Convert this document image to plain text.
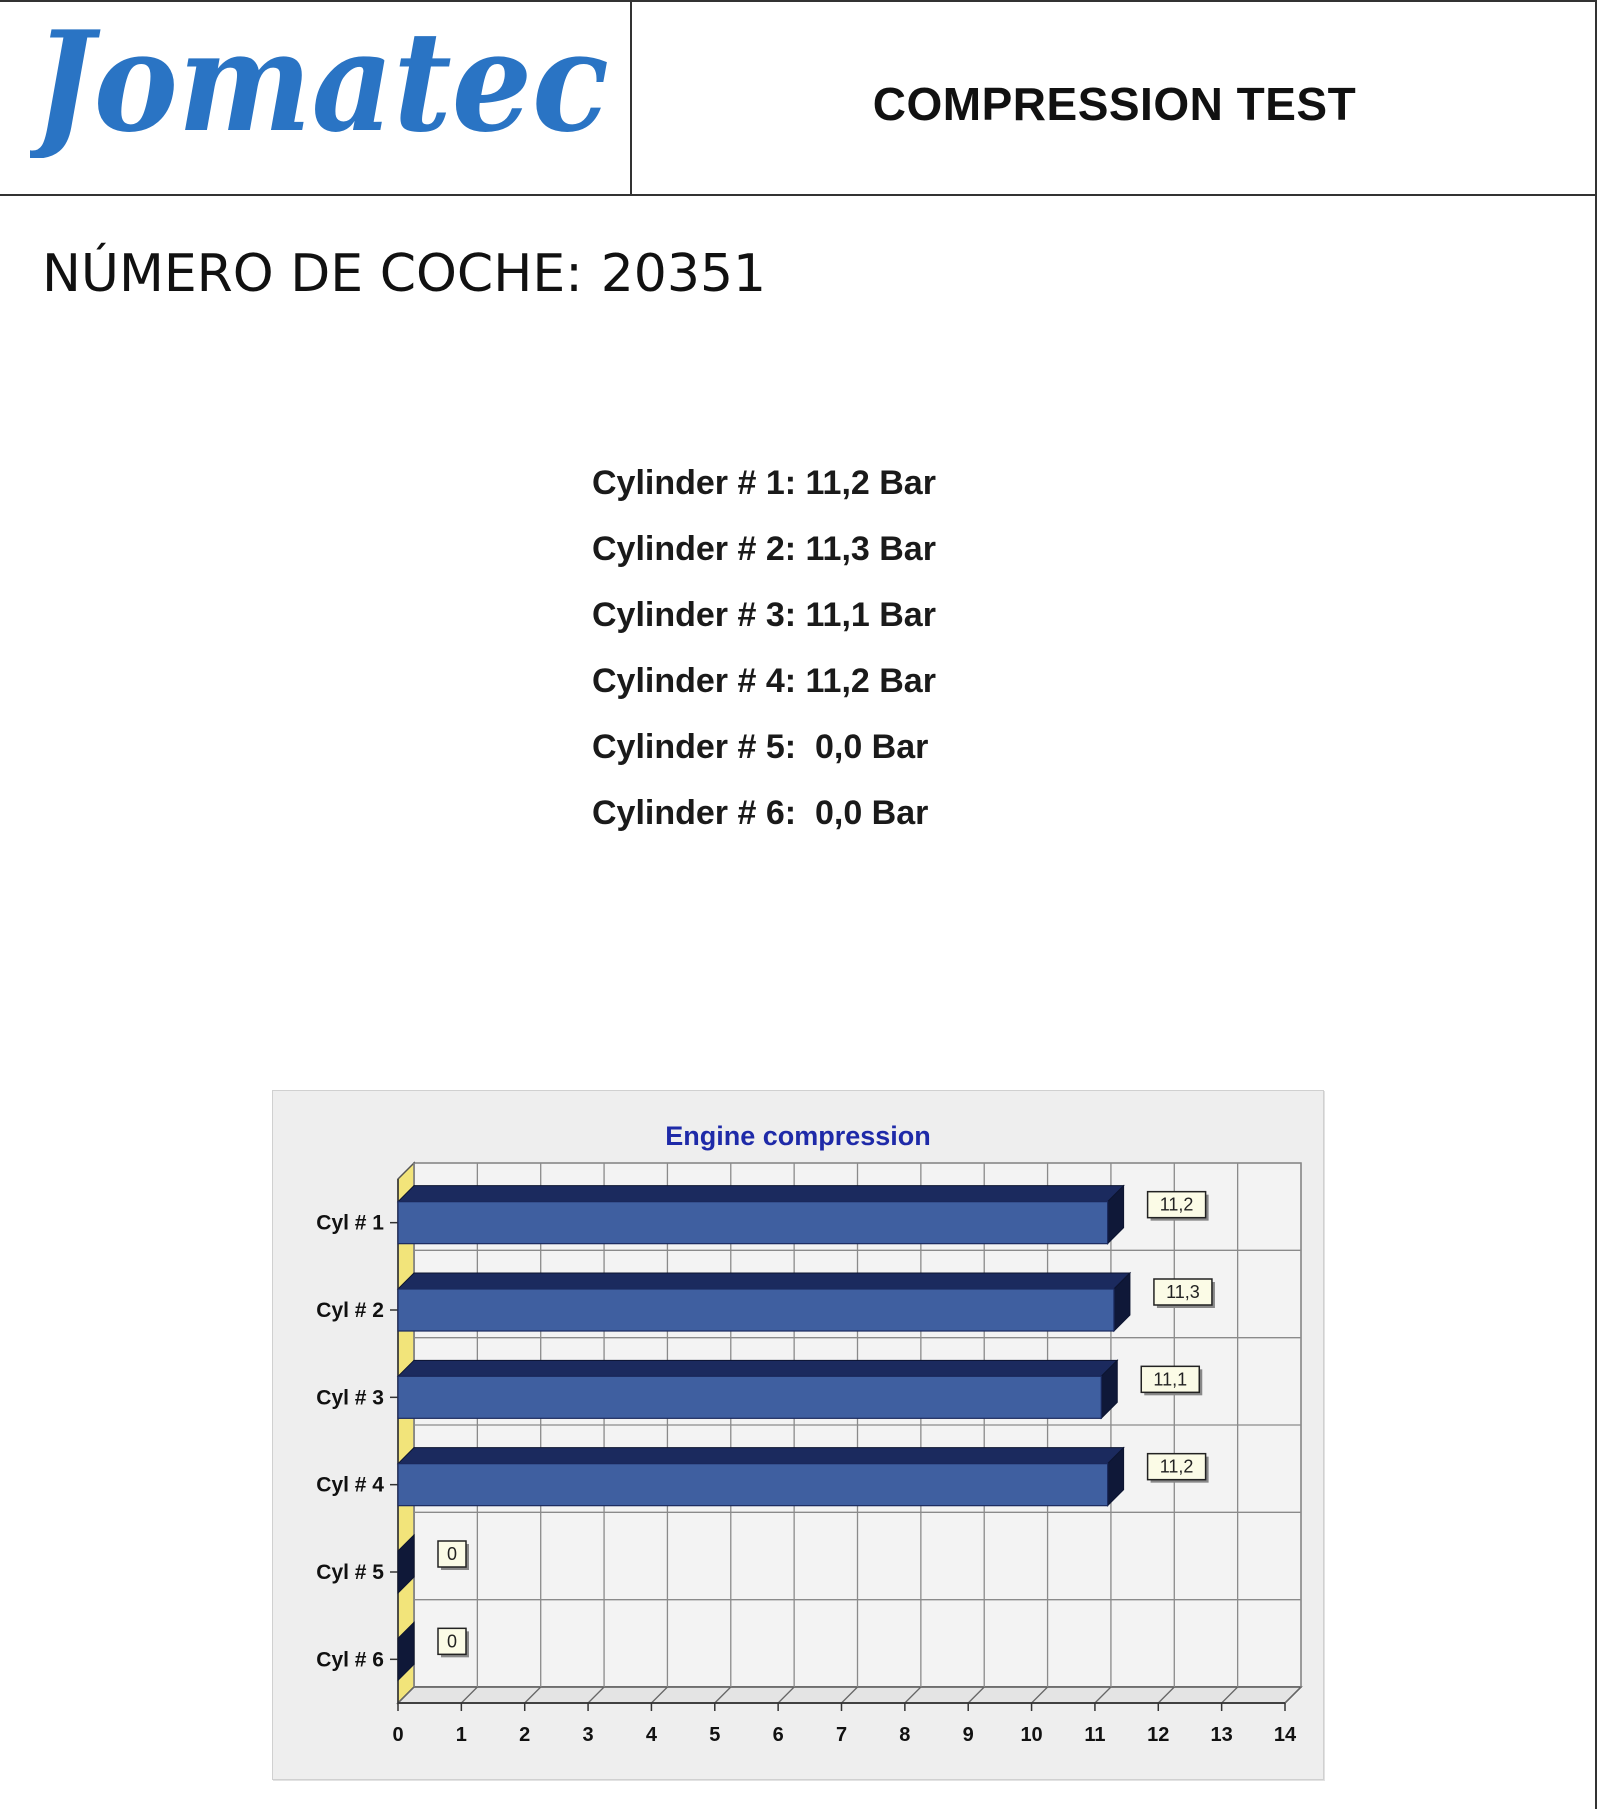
Jomatec	COMPRESSION TEST
NÚMERO DE COCHE: 20351
Cylinder # 1: 11,2 Bar
Cylinder # 2: 11,3 Bar
Cylinder # 3: 11,1 Bar
Cylinder # 4: 11,2 Bar
Cylinder # 5:  0,0 Bar
Cylinder # 6:  0,0 Bar
Engine compression
0	1	2	3	4	5	6	7	8	9 10 11 12 13 14
Cyl # 1
11,2
Cyl # 2
11,3
Cyl # 3
11,1
Cyl # 4
11,2
Cyl # 5
0
Cyl # 6
0
